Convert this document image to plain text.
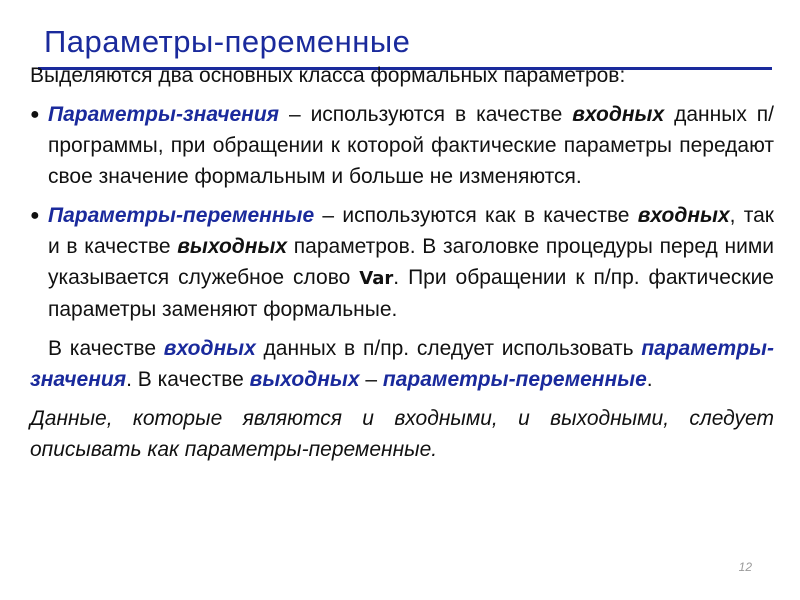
Параметры-переменные

Выделяются два основных класса формальных параметров:

● Параметры-значения – используются в качестве входных данных п/программы, при обращении к которой фактические параметры передают свое значение формальным и больше не изменяются.
● Параметры-переменные – используются как в качестве входных, так и в качестве выходных параметров. В заголовке процедуры перед ними указывается служебное слово Var. При обращении к п/пр. фактические параметры заменяют формальные.

В качестве входных данных в п/пр. следует использовать параметры-значения. В качестве выходных – параметры-переменные.

Данные, которые являются и входными, и выходными, следует описывать как параметры-переменные.

12
